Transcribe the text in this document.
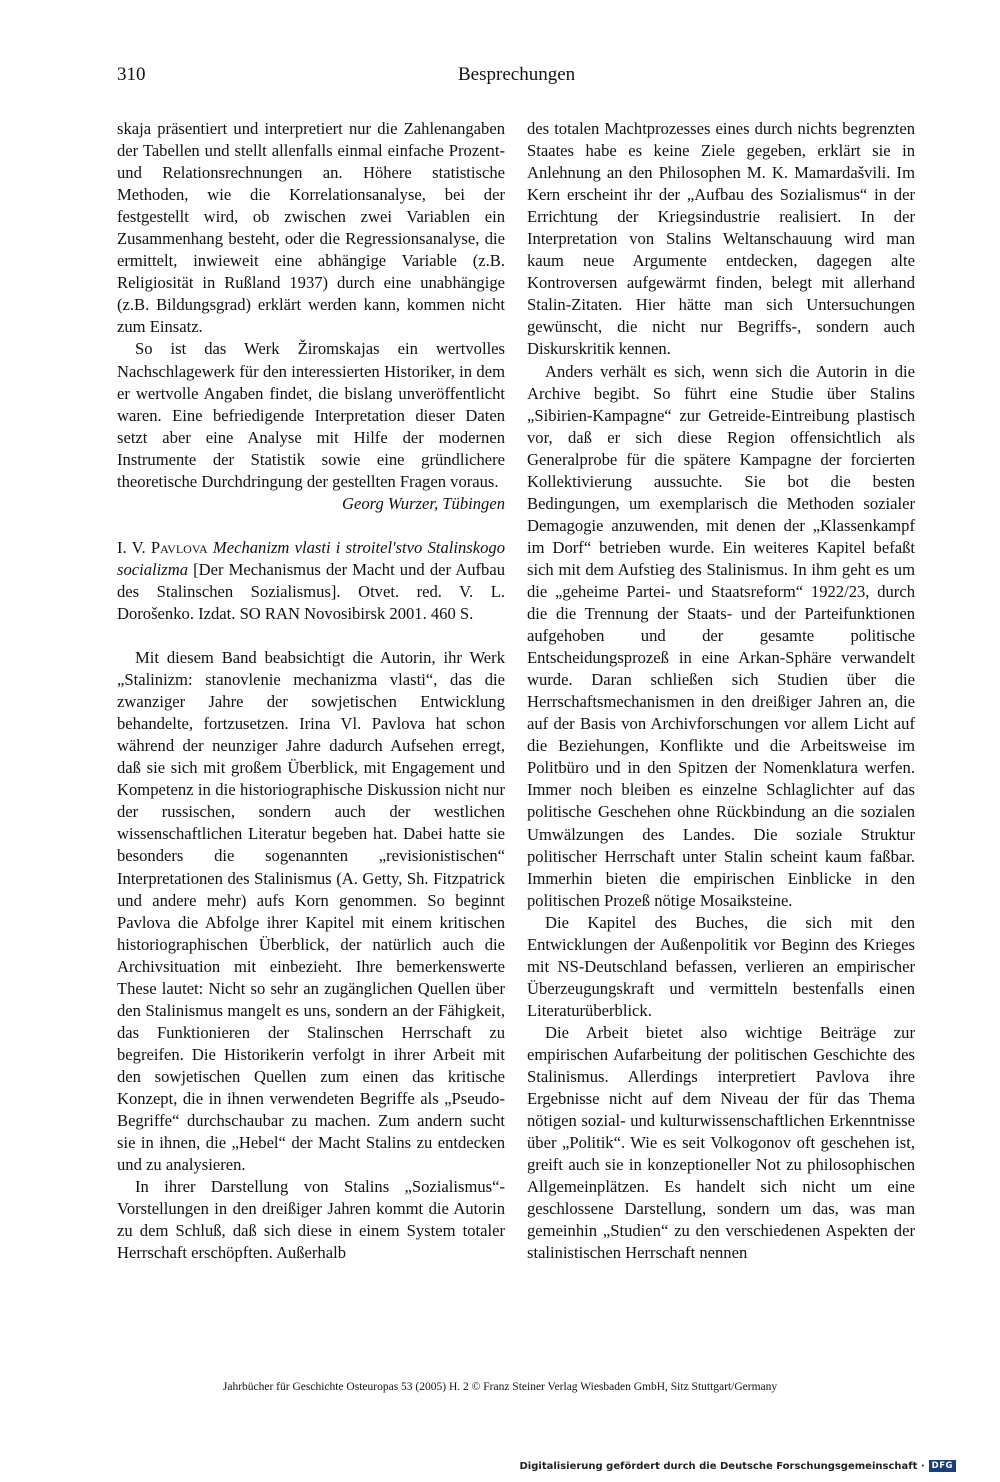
310	Besprechungen

skaja präsentiert und interpretiert nur die Zahlenangaben der Tabellen und stellt allenfalls einmal einfache Prozent- und Relationsrechnungen an. Höhere statistische Methoden, wie die Korrelationsanalyse, bei der festgestellt wird, ob zwischen zwei Variablen ein Zusammenhang besteht, oder die Regressionsanalyse, die ermittelt, inwieweit eine abhängige Variable (z.B. Religiosität in Rußland 1937) durch eine unabhängige (z.B. Bildungsgrad) erklärt werden kann, kommen nicht zum Einsatz.

So ist das Werk Žiromskajas ein wertvolles Nachschlagewerk für den interessierten Historiker, in dem er wertvolle Angaben findet, die bislang unveröffentlicht waren. Eine befriedigende Interpretation dieser Daten setzt aber eine Analyse mit Hilfe der modernen Instrumente der Statistik sowie eine gründlichere theoretische Durchdringung der gestellten Fragen voraus.

Georg Wurzer, Tübingen

I. V. Pavlova Mechanizm vlasti i stroitel'stvo Stalinskogo socializma [Der Mechanismus der Macht und der Aufbau des Stalinschen Sozialismus]. Otvet. red. V. L. Dorošenko. Izdat. SO RAN Novosibirsk 2001. 460 S.

Mit diesem Band beabsichtigt die Autorin, ihr Werk „Stalinizm: stanovlenie mechanizma vlasti“, das die zwanziger Jahre der sowjetischen Entwicklung behandelte, fortzusetzen. Irina Vl. Pavlova hat schon während der neunziger Jahre dadurch Aufsehen erregt, daß sie sich mit großem Überblick, mit Engagement und Kompetenz in die historiographische Diskussion nicht nur der russischen, sondern auch der westlichen wissenschaftlichen Literatur begeben hat. Dabei hatte sie besonders die sogenannten „revisionistischen“ Interpretationen des Stalinismus (A. Getty, Sh. Fitzpatrick und andere mehr) aufs Korn genommen. So beginnt Pavlova die Abfolge ihrer Kapitel mit einem kritischen historiographischen Überblick, der natürlich auch die Archivsituation mit einbezieht. Ihre bemerkenswerte These lautet: Nicht so sehr an zugänglichen Quellen über den Stalinismus mangelt es uns, sondern an der Fähigkeit, das Funktionieren der Stalinschen Herrschaft zu begreifen. Die Historikerin verfolgt in ihrer Arbeit mit den sowjetischen Quellen zum einen das kritische Konzept, die in ihnen verwendeten Begriffe als „Pseudo-Begriffe“ durchschaubar zu machen. Zum andern sucht sie in ihnen, die „Hebel“ der Macht Stalins zu entdecken und zu analysieren.

In ihrer Darstellung von Stalins „Sozialismus“-Vorstellungen in den dreißiger Jahren kommt die Autorin zu dem Schluß, daß sich diese in einem System totaler Herrschaft erschöpften. Außerhalb

des totalen Machtprozesses eines durch nichts begrenzten Staates habe es keine Ziele gegeben, erklärt sie in Anlehnung an den Philosophen M. K. Mamardašvili. Im Kern erscheint ihr der „Aufbau des Sozialismus“ in der Errichtung der Kriegsindustrie realisiert. In der Interpretation von Stalins Weltanschauung wird man kaum neue Argumente entdecken, dagegen alte Kontroversen aufgewärmt finden, belegt mit allerhand Stalin-Zitaten. Hier hätte man sich Untersuchungen gewünscht, die nicht nur Begriffs-, sondern auch Diskurskritik kennen.

Anders verhält es sich, wenn sich die Autorin in die Archive begibt. So führt eine Studie über Stalins „Sibirien-Kampagne“ zur Getreide-Eintreibung plastisch vor, daß er sich diese Region offensichtlich als Generalprobe für die spätere Kampagne der forcierten Kollektivierung aussuchte. Sie bot die besten Bedingungen, um exemplarisch die Methoden sozialer Demagogie anzuwenden, mit denen der „Klassenkampf im Dorf“ betrieben wurde. Ein weiteres Kapitel befaßt sich mit dem Aufstieg des Stalinismus. In ihm geht es um die „geheime Partei- und Staatsreform“ 1922/23, durch die die Trennung der Staats- und der Parteifunktionen aufgehoben und der gesamte politische Entscheidungsprozeß in eine Arkan-Sphäre verwandelt wurde. Daran schließen sich Studien über die Herrschaftsmechanismen in den dreißiger Jahren an, die auf der Basis von Archivforschungen vor allem Licht auf die Beziehungen, Konflikte und die Arbeitsweise im Politbüro und in den Spitzen der Nomenklatura werfen. Immer noch bleiben es einzelne Schlaglichter auf das politische Geschehen ohne Rückbindung an die sozialen Umwälzungen des Landes. Die soziale Struktur politischer Herrschaft unter Stalin scheint kaum faßbar. Immerhin bieten die empirischen Einblicke in den politischen Prozeß nötige Mosaiksteine.

Die Kapitel des Buches, die sich mit den Entwicklungen der Außenpolitik vor Beginn des Krieges mit NS-Deutschland befassen, verlieren an empirischer Überzeugungskraft und vermitteln bestenfalls einen Literaturüberblick.

Die Arbeit bietet also wichtige Beiträge zur empirischen Aufarbeitung der politischen Geschichte des Stalinismus. Allerdings interpretiert Pavlova ihre Ergebnisse nicht auf dem Niveau der für das Thema nötigen sozial- und kulturwissenschaftlichen Erkenntnisse über „Politik“. Wie es seit Volkogonov oft geschehen ist, greift auch sie in konzeptioneller Not zu philosophischen Allgemeinplätzen. Es handelt sich nicht um eine geschlossene Darstellung, sondern um das, was man gemeinhin „Studien“ zu den verschiedenen Aspekten der stalinistischen Herrschaft nennen

Jahrbücher für Geschichte Osteuropas 53 (2005) H. 2 © Franz Steiner Verlag Wiesbaden GmbH, Sitz Stuttgart/Germany
Digitalisierung gefördert durch die Deutsche Forschungsgemeinschaft · DFG
